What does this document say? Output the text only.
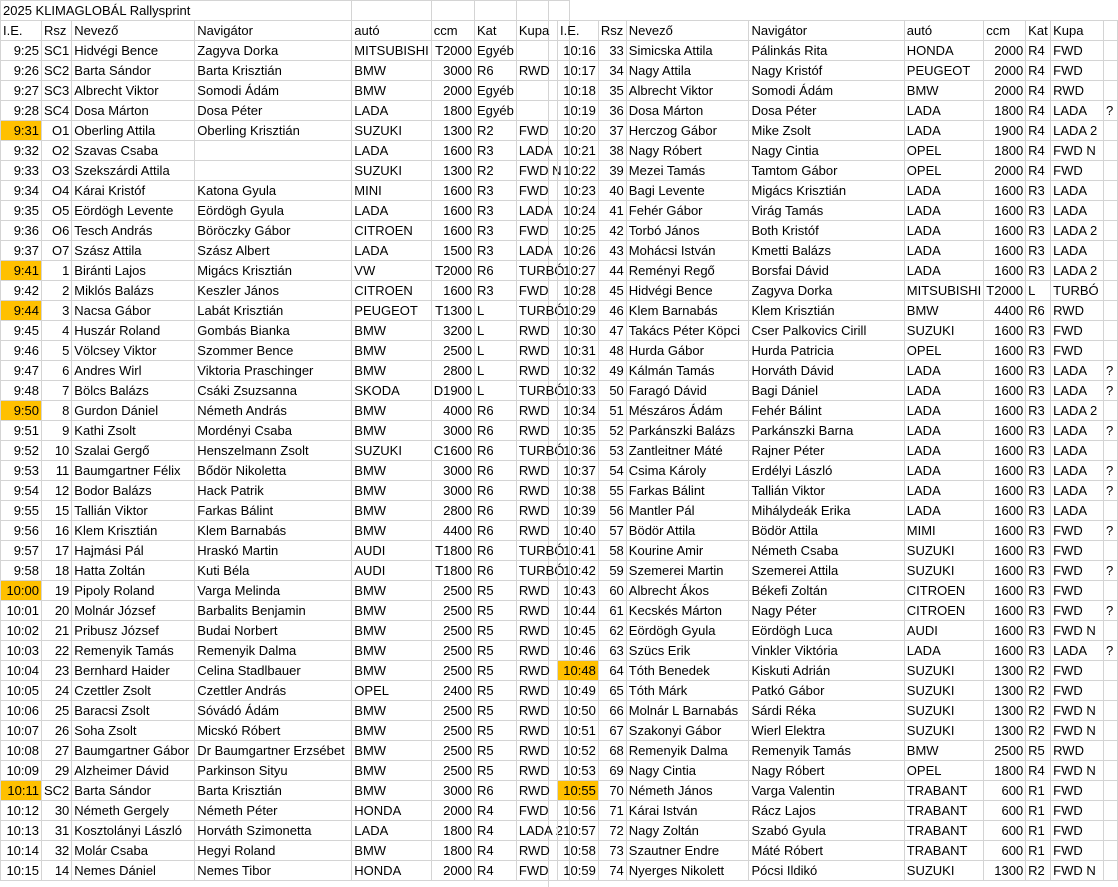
2025 KLIMAGLOBÁL Rallysprint							
I.E.	Rsz	Nevező	Navigátor	autó	ccm	Kat	Kupa
9:25	SC1	Hidvégi Bence	Zagyva Dorka	MITSUBISHI	T2000	Egyéb	
9:26	SC2	Barta Sándor	Barta Krisztián	BMW	3000	R6	RWD
9:27	SC3	Albrecht Viktor	Somodi Ádám	BMW	2000	Egyéb	
9:28	SC4	Dosa Márton	Dosa Péter	LADA	1800	Egyéb	
9:31	O1	Oberling Attila	Oberling Krisztián	SUZUKI	1300	R2	FWD
9:32	O2	Szavas Csaba		LADA	1600	R3	LADA
9:33	O3	Szekszárdi Attila		SUZUKI	1300	R2	FWD N
9:34	O4	Kárai Kristóf	Katona Gyula	MINI	1600	R3	FWD
9:35	O5	Eördögh Levente	Eördögh Gyula	LADA	1600	R3	LADA
9:36	O6	Tesch András	Böröczky Gábor	CITROEN	1600	R3	FWD
9:37	O7	Szász Attila	Szász Albert	LADA	1500	R3	LADA
9:41	1	Biránti Lajos	Migács Krisztián	VW	T2000	R6	TURBÓ
9:42	2	Miklós Balázs	Keszler János	CITROEN	1600	R3	FWD
9:44	3	Nacsa Gábor	Labát Krisztián	PEUGEOT	T1300	L	TURBÓ
9:45	4	Huszár Roland	Gombás Bianka	BMW	3200	L	RWD
9:46	5	Völcsey Viktor	Szommer Bence	BMW	2500	L	RWD
9:47	6	Andres Wirl	Viktoria Praschinger	BMW	2800	L	RWD
9:48	7	Bölcs Balázs	Csáki Zsuzsanna	SKODA	D1900	L	TURBÓ
9:50	8	Gurdon Dániel	Németh András	BMW	4000	R6	RWD
9:51	9	Kathi Zsolt	Mordényi Csaba	BMW	3000	R6	RWD
9:52	10	Szalai Gergő	Henszelmann Zsolt	SUZUKI	C1600	R6	TURBÓ
9:53	11	Baumgartner Félix	Bődör Nikoletta	BMW	3000	R6	RWD
9:54	12	Bodor Balázs	Hack Patrik	BMW	3000	R6	RWD
9:55	15	Tallián Viktor	Farkas Bálint	BMW	2800	R6	RWD
9:56	16	Klem Krisztián	Klem Barnabás	BMW	4400	R6	RWD
9:57	17	Hajmási Pál	Hraskó Martin	AUDI	T1800	R6	TURBÓ
9:58	18	Hatta Zoltán	Kuti Béla	AUDI	T1800	R6	TURBÓ
10:00	19	Pipoly Roland	Varga Melinda	BMW	2500	R5	RWD
10:01	20	Molnár József	Barbalits Benjamin	BMW	2500	R5	RWD
10:02	21	Pribusz József	Budai Norbert	BMW	2500	R5	RWD
10:03	22	Remenyik Tamás	Remenyik Dalma	BMW	2500	R5	RWD
10:04	23	Bernhard Haider	Celina Stadlbauer	BMW	2500	R5	RWD
10:05	24	Czettler Zsolt	Czettler András	OPEL	2400	R5	RWD
10:06	25	Baracsi Zsolt	Sóvádó Ádám	BMW	2500	R5	RWD
10:07	26	Soha Zsolt	Micskó Róbert	BMW	2500	R5	RWD
10:08	27	Baumgartner Gábor	Dr Baumgartner Erzsébet	BMW	2500	R5	RWD
10:09	29	Alzheimer Dávid	Parkinson Sityu	BMW	2500	R5	RWD
10:11	SC2	Barta Sándor	Barta Krisztián	BMW	3000	R6	RWD
10:12	30	Németh Gergely	Németh Péter	HONDA	2000	R4	FWD
10:13	31	Kosztolányi László	Horváth Szimonetta	LADA	1800	R4	LADA 2
10:14	32	Molár Csaba	Hegyi Roland	BMW	1800	R4	RWD
10:15	14	Nemes Dániel	Nemes Tibor	HONDA	2000	R4	FWD
I.E.	Rsz	Nevező	Navigátor	autó	ccm	Kat	Kupa	
10:16	33	Simicska Attila	Pálinkás Rita	HONDA	2000	R4	FWD	
10:17	34	Nagy Attila	Nagy Kristóf	PEUGEOT	2000	R4	FWD	
10:18	35	Albrecht Viktor	Somodi Ádám	BMW	2000	R4	RWD	
10:19	36	Dosa Márton	Dosa Péter	LADA	1800	R4	LADA	?
10:20	37	Herczog Gábor	Mike Zsolt	LADA	1900	R4	LADA 2	
10:21	38	Nagy Róbert	Nagy Cintia	OPEL	1800	R4	FWD N	
10:22	39	Mezei Tamás	Tamtom Gábor	OPEL	2000	R4	FWD	
10:23	40	Bagi Levente	Migács Krisztián	LADA	1600	R3	LADA	
10:24	41	Fehér Gábor	Virág Tamás	LADA	1600	R3	LADA	
10:25	42	Torbó János	Both Kristóf	LADA	1600	R3	LADA 2	
10:26	43	Mohácsi István	Kmetti Balázs	LADA	1600	R3	LADA	
10:27	44	Reményi Regő	Borsfai Dávid	LADA	1600	R3	LADA 2	
10:28	45	Hidvégi Bence	Zagyva Dorka	MITSUBISHI	T2000	L	TURBÓ	
10:29	46	Klem Barnabás	Klem Krisztián	BMW	4400	R6	RWD	
10:30	47	Takács Péter Köpci	Cser Palkovics Cirill	SUZUKI	1600	R3	FWD	
10:31	48	Hurda Gábor	Hurda Patricia	OPEL	1600	R3	FWD	
10:32	49	Kálmán Tamás	Horváth Dávid	LADA	1600	R3	LADA	?
10:33	50	Faragó Dávid	Bagi Dániel	LADA	1600	R3	LADA	?
10:34	51	Mészáros Ádám	Fehér Bálint	LADA	1600	R3	LADA 2	
10:35	52	Parkánszki Balázs	Parkánszki Barna	LADA	1600	R3	LADA	?
10:36	53	Zantleitner Máté	Rajner Péter	LADA	1600	R3	LADA	
10:37	54	Csima Károly	Erdélyi László	LADA	1600	R3	LADA	?
10:38	55	Farkas Bálint	Tallián Viktor	LADA	1600	R3	LADA	?
10:39	56	Mantler Pál	Mihálydeák Erika	LADA	1600	R3	LADA	
10:40	57	Bödör Attila	Bödör Attila	MIMI	1600	R3	FWD	?
10:41	58	Kourine Amir	Németh Csaba	SUZUKI	1600	R3	FWD	
10:42	59	Szemerei Martin	Szemerei Attila	SUZUKI	1600	R3	FWD	?
10:43	60	Albrecht Ákos	Békefi Zoltán	CITROEN	1600	R3	FWD	
10:44	61	Kecskés Márton	Nagy Péter	CITROEN	1600	R3	FWD	?
10:45	62	Eördögh Gyula	Eördögh Luca	AUDI	1600	R3	FWD N	
10:46	63	Szücs Erik	Vinkler Viktória	LADA	1600	R3	LADA	?
10:48	64	Tóth Benedek	Kiskuti Adrián	SUZUKI	1300	R2	FWD	
10:49	65	Tóth Márk	Patkó Gábor	SUZUKI	1300	R2	FWD	
10:50	66	Molnár L Barnabás	Sárdi Réka	SUZUKI	1300	R2	FWD N	
10:51	67	Szakonyi Gábor	Wierl Elektra	SUZUKI	1300	R2	FWD N	
10:52	68	Remenyik Dalma	Remenyik Tamás	BMW	2500	R5	RWD	
10:53	69	Nagy Cintia	Nagy Róbert	OPEL	1800	R4	FWD N	
10:55	70	Németh János	Varga Valentin	TRABANT	600	R1	FWD	
10:56	71	Kárai István	Rácz Lajos	TRABANT	600	R1	FWD	
10:57	72	Nagy Zoltán	Szabó Gyula	TRABANT	600	R1	FWD	
10:58	73	Szautner Endre	Máté Róbert	TRABANT	600	R1	FWD	
10:59	74	Nyerges Nikolett	Pócsi Ildikó	SUZUKI	1300	R2	FWD N	
